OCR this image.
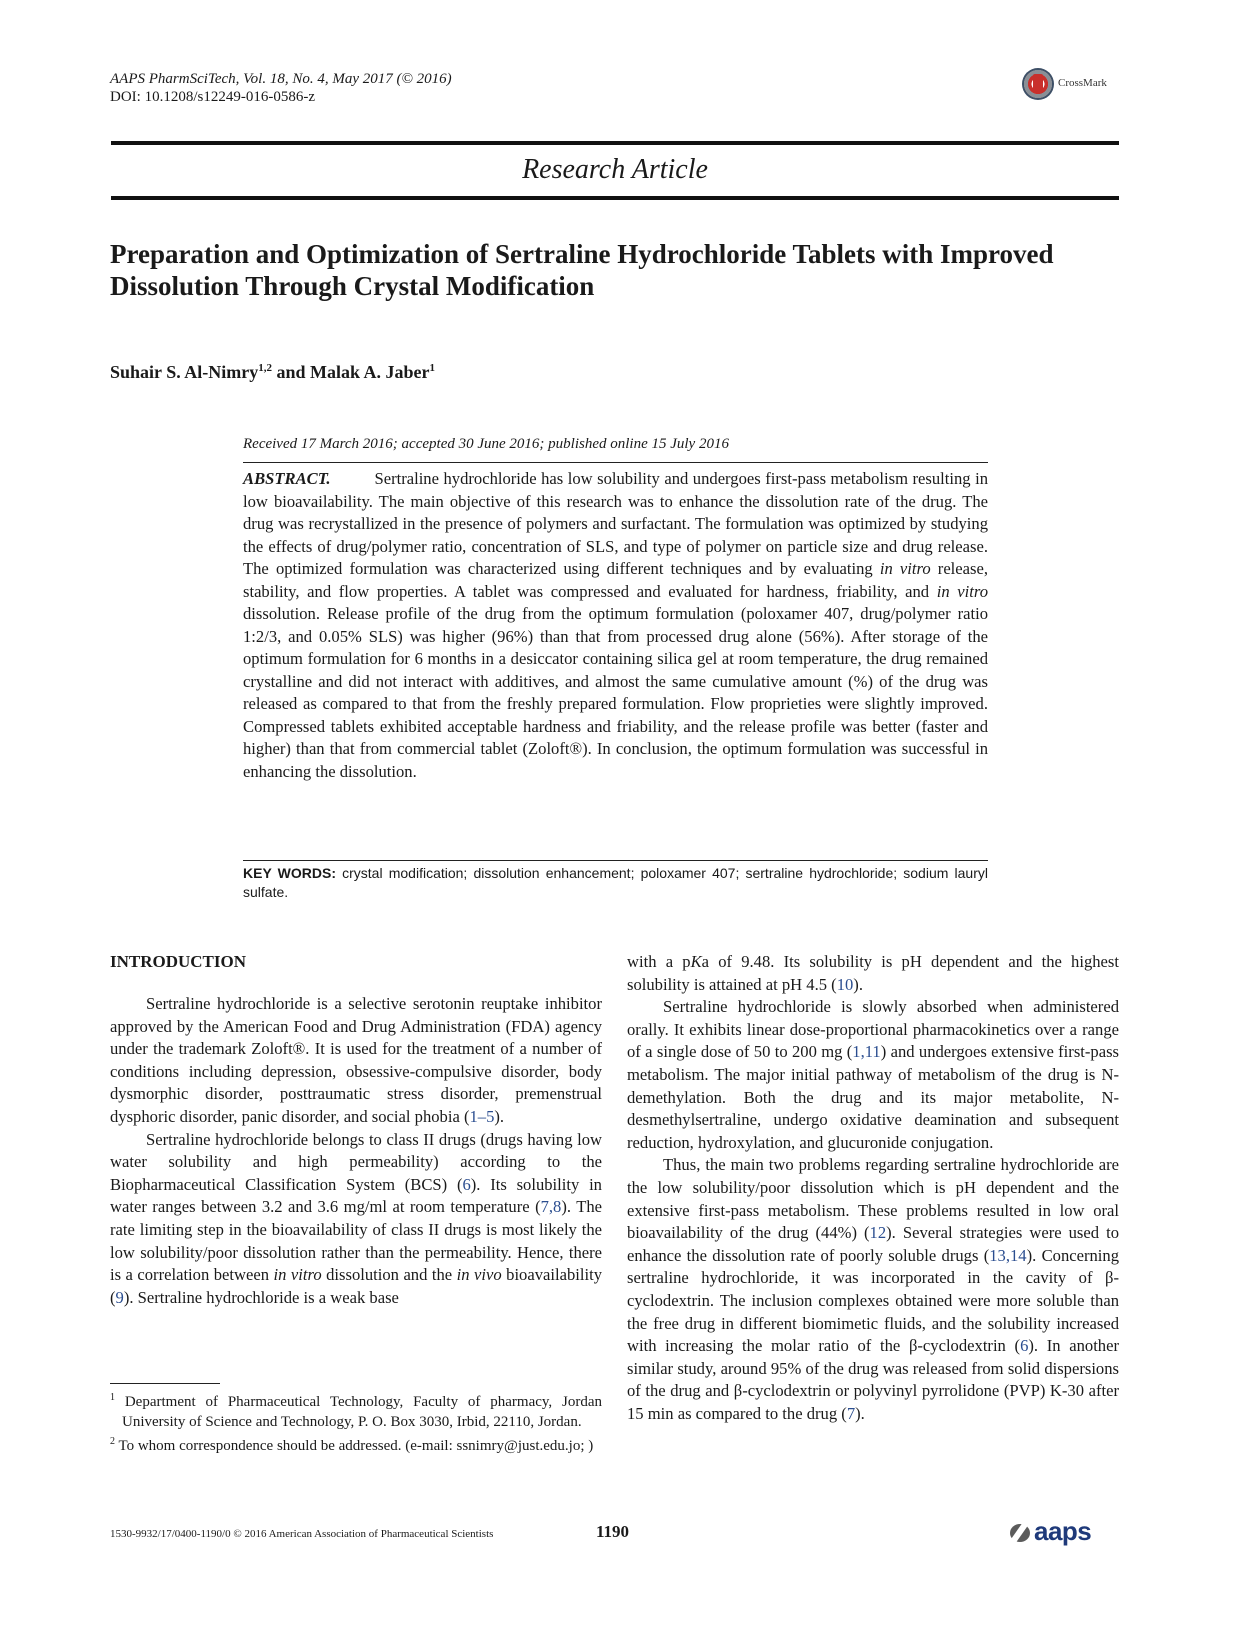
AAPS PharmSciTech, Vol. 18, No. 4, May 2017 (© 2016)
DOI: 10.1208/s12249-016-0586-z
CrossMark
Research Article
Preparation and Optimization of Sertraline Hydrochloride Tablets with Improved Dissolution Through Crystal Modification
Suhair S. Al-Nimry$^{1,2}$ and Malak A. Jaber$^1$
Received 17 March 2016; accepted 30 June 2016; published online 15 July 2016
ABSTRACT.	Sertraline hydrochloride has low solubility and undergoes first-pass metabolism resulting in low bioavailability. The main objective of this research was to enhance the dissolution rate of the drug. The drug was recrystallized in the presence of polymers and surfactant. The formulation was optimized by studying the effects of drug/polymer ratio, concentration of SLS, and type of polymer on particle size and drug release. The optimized formulation was characterized using different techniques and by evaluating in vitro release, stability, and flow properties. A tablet was compressed and evaluated for hardness, friability, and in vitro dissolution. Release profile of the drug from the optimum formulation (poloxamer 407, drug/polymer ratio 1:2/3, and 0.05% SLS) was higher (96%) than that from processed drug alone (56%). After storage of the optimum formulation for 6 months in a desiccator containing silica gel at room temperature, the drug remained crystalline and did not interact with additives, and almost the same cumulative amount (%) of the drug was released as compared to that from the freshly prepared formulation. Flow proprieties were slightly improved. Compressed tablets exhibited acceptable hardness and friability, and the release profile was better (faster and higher) than that from commercial tablet (Zoloft®). In conclusion, the optimum formulation was successful in enhancing the dissolution.
KEY WORDS: crystal modification; dissolution enhancement; poloxamer 407; sertraline hydrochloride; sodium lauryl sulfate.

INTRODUCTION

Sertraline hydrochloride is a selective serotonin reuptake inhibitor approved by the American Food and Drug Administration (FDA) agency under the trademark Zoloft®. It is used for the treatment of a number of conditions including depression, obsessive-compulsive disorder, body dysmorphic disorder, posttraumatic stress disorder, premenstrual dysphoric disorder, panic disorder, and social phobia (1–5).

Sertraline hydrochloride belongs to class II drugs (drugs having low water solubility and high permeability) according to the Biopharmaceutical Classification System (BCS) (6). Its solubility in water ranges between 3.2 and 3.6 mg/ml at room temperature (7,8). The rate limiting step in the bioavailability of class II drugs is most likely the low solubility/poor dissolution rather than the permeability. Hence, there is a correlation between in vitro dissolution and the in vivo bioavailability (9). Sertraline hydrochloride is a weak base

with a pKa of 9.48. Its solubility is pH dependent and the highest solubility is attained at pH 4.5 (10).

Sertraline hydrochloride is slowly absorbed when administered orally. It exhibits linear dose-proportional pharmacokinetics over a range of a single dose of 50 to 200 mg (1,11) and undergoes extensive first-pass metabolism. The major initial pathway of metabolism of the drug is N-demethylation. Both the drug and its major metabolite, N-desmethylsertraline, undergo oxidative deamination and subsequent reduction, hydroxylation, and glucuronide conjugation.

Thus, the main two problems regarding sertraline hydrochloride are the low solubility/poor dissolution which is pH dependent and the extensive first-pass metabolism. These problems resulted in low oral bioavailability of the drug (44%) (12). Several strategies were used to enhance the dissolution rate of poorly soluble drugs (13,14). Concerning sertraline hydrochloride, it was incorporated in the cavity of β-cyclodextrin. The inclusion complexes obtained were more soluble than the free drug in different biomimetic fluids, and the solubility increased with increasing the molar ratio of the β-cyclodextrin (6). In another similar study, around 95% of the drug was released from solid dispersions of the drug and β-cyclodextrin or polyvinyl pyrrolidone (PVP) K-30 after 15 min as compared to the drug (7).

$^1$ Department of Pharmaceutical Technology, Faculty of pharmacy, Jordan University of Science and Technology, P. O. Box 3030, Irbid, 22110, Jordan.

$^2$ To whom correspondence should be addressed. (e-mail: ssnimry@just.edu.jo; )

1530-9932/17/0400-1190/0 © 2016 American Association of Pharmaceutical Scientists	1190	aaps
